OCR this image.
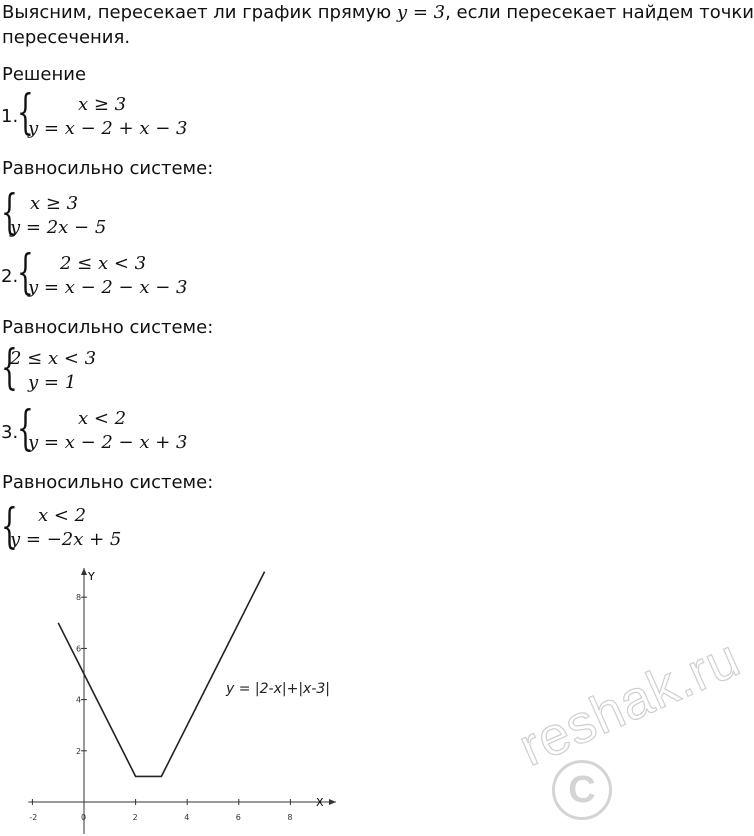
Выясним, пересекает ли график прямую y = 3, если пересекает найдем точки
пересечения.
Решение
1.
{ x ≥ 3
y = x − 2 + x − 3
Равносильно системе:
{ x ≥ 3
y = 2x − 5
2.
{ 2 ≤ x < 3
y = x − 2 − x − 3
Равносильно системе:
{
2 ≤ x < 3
y = 1
3.
{ x < 2
y = x − 2 − x + 3
Равносильно системе:
{ x < 2
y = −2x + 5
-2	0	2	4	6	8
2
4
6
8
X
Y
y = |2-x|+|x-3|	reshak.ru
C
